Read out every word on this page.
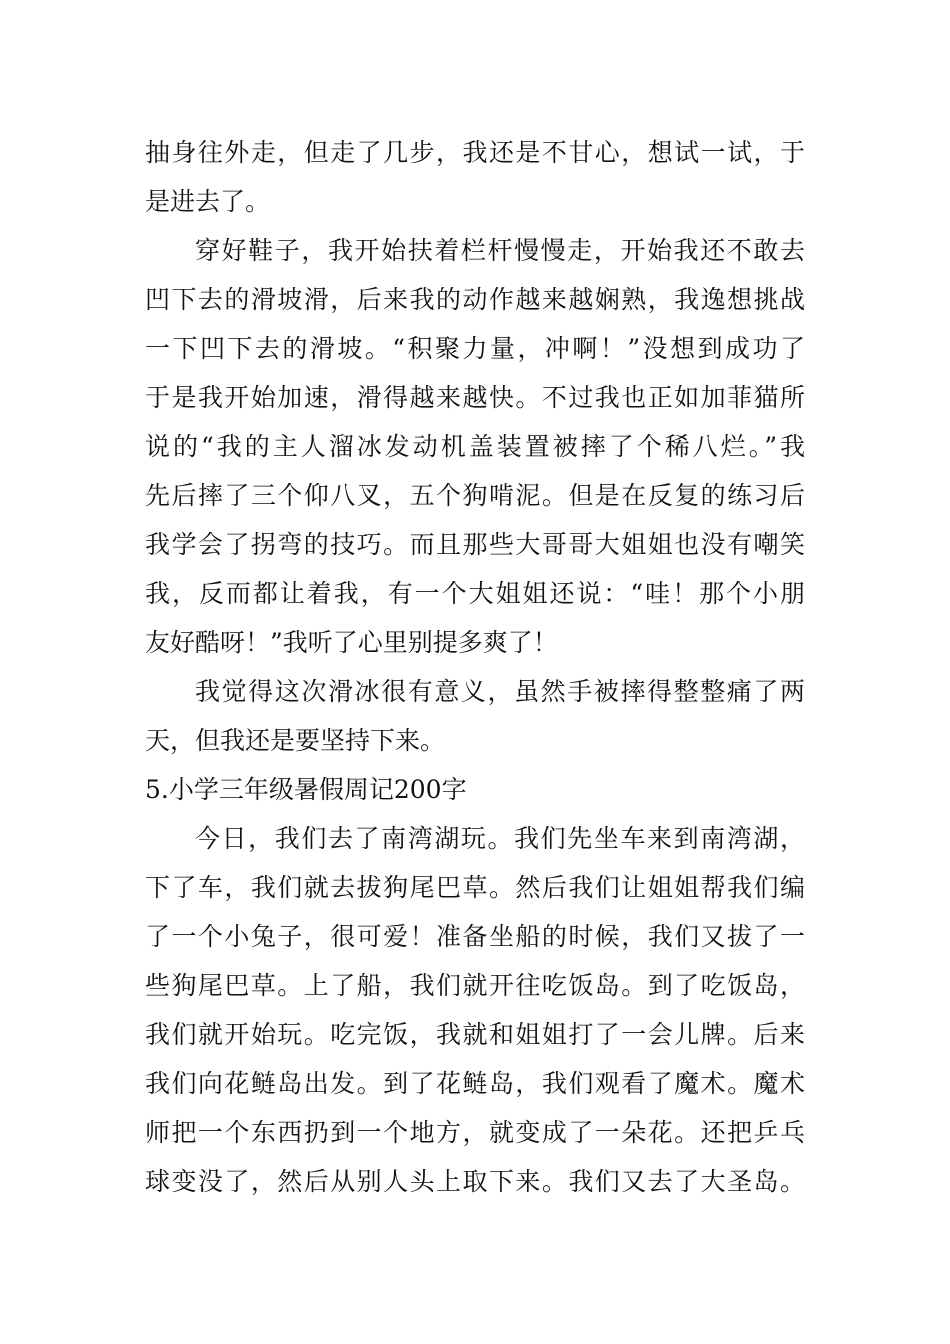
抽身往外走，但走了几步，我还是不甘心，想试一试，于
是进去了。
穿好鞋子，我开始扶着栏杆慢慢走，开始我还不敢去
凹下去的滑坡滑，后来我的动作越来越娴熟，我逸想挑战
一下凹下去的滑坡。“积聚力量，冲啊！”没想到成功了
于是我开始加速，滑得越来越快。不过我也正如加菲猫所
说的“我的主人溜冰发动机盖装置被摔了个稀八烂。”我
先后摔了三个仰八叉，五个狗啃泥。但是在反复的练习后
我学会了拐弯的技巧。而且那些大哥哥大姐姐也没有嘲笑
我，反而都让着我，有一个大姐姐还说：“哇！那个小朋
友好酷呀！”我听了心里别提多爽了！
我觉得这次滑冰很有意义，虽然手被摔得整整痛了两
天，但我还是要坚持下来。
5.小学三年级暑假周记200字
今日，我们去了南湾湖玩。我们先坐车来到南湾湖，
下了车，我们就去拔狗尾巴草。然后我们让姐姐帮我们编
了一个小兔子，很可爱！准备坐船的时候，我们又拔了一
些狗尾巴草。上了船，我们就开往吃饭岛。到了吃饭岛，
我们就开始玩。吃完饭，我就和姐姐打了一会儿牌。后来
我们向花鲢岛出发。到了花鲢岛，我们观看了魔术。魔术
师把一个东西扔到一个地方，就变成了一朵花。还把乒乓
球变没了，然后从别人头上取下来。我们又去了大圣岛。
